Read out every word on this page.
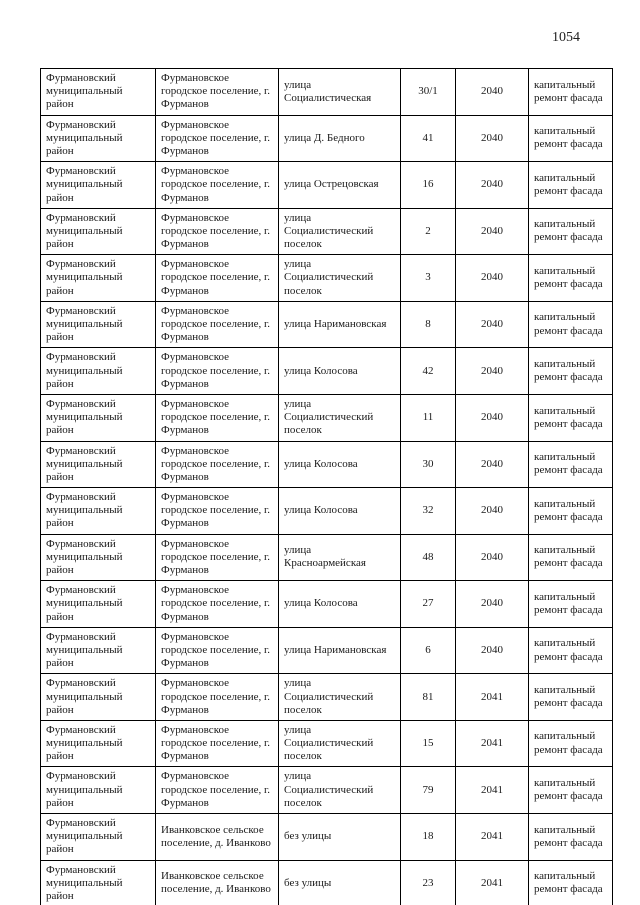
1054
Фурмановский муниципальный район	Фурмановское городское поселение, г. Фурманов	улица Социалистическая	30/1	2040	капитальный ремонт фасада
Фурмановский муниципальный район	Фурмановское городское поселение, г. Фурманов	улица Д. Бедного	41	2040	капитальный ремонт фасада
Фурмановский муниципальный район	Фурмановское городское поселение, г. Фурманов	улица Острецовская	16	2040	капитальный ремонт фасада
Фурмановский муниципальный район	Фурмановское городское поселение, г. Фурманов	улица Социалистический поселок	2	2040	капитальный ремонт фасада
Фурмановский муниципальный район	Фурмановское городское поселение, г. Фурманов	улица Социалистический поселок	3	2040	капитальный ремонт фасада
Фурмановский муниципальный район	Фурмановское городское поселение, г. Фурманов	улица Наримановская	8	2040	капитальный ремонт фасада
Фурмановский муниципальный район	Фурмановское городское поселение, г. Фурманов	улица Колосова	42	2040	капитальный ремонт фасада
Фурмановский муниципальный район	Фурмановское городское поселение, г. Фурманов	улица Социалистический поселок	11	2040	капитальный ремонт фасада
Фурмановский муниципальный район	Фурмановское городское поселение, г. Фурманов	улица Колосова	30	2040	капитальный ремонт фасада
Фурмановский муниципальный район	Фурмановское городское поселение, г. Фурманов	улица Колосова	32	2040	капитальный ремонт фасада
Фурмановский муниципальный район	Фурмановское городское поселение, г. Фурманов	улица Красноармейская	48	2040	капитальный ремонт фасада
Фурмановский муниципальный район	Фурмановское городское поселение, г. Фурманов	улица Колосова	27	2040	капитальный ремонт фасада
Фурмановский муниципальный район	Фурмановское городское поселение, г. Фурманов	улица Наримановская	6	2040	капитальный ремонт фасада
Фурмановский муниципальный район	Фурмановское городское поселение, г. Фурманов	улица Социалистический поселок	81	2041	капитальный ремонт фасада
Фурмановский муниципальный район	Фурмановское городское поселение, г. Фурманов	улица Социалистический поселок	15	2041	капитальный ремонт фасада
Фурмановский муниципальный район	Фурмановское городское поселение, г. Фурманов	улица Социалистический поселок	79	2041	капитальный ремонт фасада
Фурмановский муниципальный район	Иванковское сельское поселение, д. Иванково	без улицы	18	2041	капитальный ремонт фасада
Фурмановский муниципальный район	Иванковское сельское поселение, д. Иванково	без улицы	23	2041	капитальный ремонт фасада
